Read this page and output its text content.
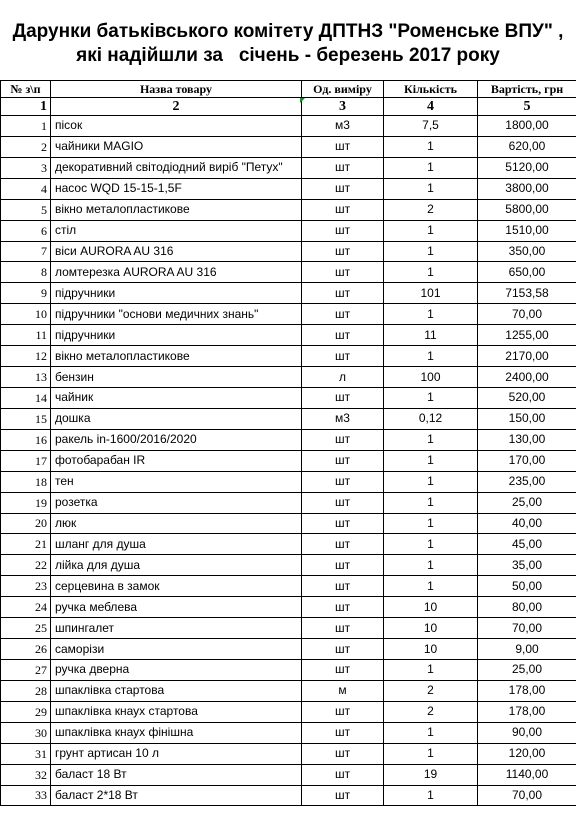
Дарунки батьківського комітету ДПТНЗ "Роменське ВПУ" ,
які надійшли за   січень - березень 2017 року
№ з\п	Назва товару	Од. виміру	Кількість	Вартість, грн
1	2	3	4	5
1	пісок	м3	7,5	1800,00
2	чайники MAGIO	шт	1	620,00
3	декоративний світодіодний виріб "Петух"	шт	1	5120,00
4	насос WQD 15-15-1,5F	шт	1	3800,00
5	вікно металопластикове	шт	2	5800,00
6	стіл	шт	1	1510,00
7	віси AURORA AU 316	шт	1	350,00
8	ломтерезка AURORA AU 316	шт	1	650,00
9	підручники	шт	101	7153,58
10	підручники "основи медичних знань"	шт	1	70,00
11	підручники	шт	11	1255,00
12	вікно металопластикове	шт	1	2170,00
13	бензин	л	100	2400,00
14	чайник	шт	1	520,00
15	дошка	м3	0,12	150,00
16	ракель in-1600/2016/2020	шт	1	130,00
17	фотобарабан IR	шт	1	170,00
18	тен	шт	1	235,00
19	розетка	шт	1	25,00
20	люк	шт	1	40,00
21	шланг для душа	шт	1	45,00
22	лійка для душа	шт	1	35,00
23	серцевина в замок	шт	1	50,00
24	ручка меблева	шт	10	80,00
25	шпингалет	шт	10	70,00
26	саморізи	шт	10	9,00
27	ручка дверна	шт	1	25,00
28	шпаклівка стартова	м	2	178,00
29	шпаклівка кнаух стартова	шт	2	178,00
30	шпаклівка кнаух фінішна	шт	1	90,00
31	грунт артисан 10 л	шт	1	120,00
32	баласт 18 Вт	шт	19	1140,00
33	баласт 2*18 Вт	шт	1	70,00
